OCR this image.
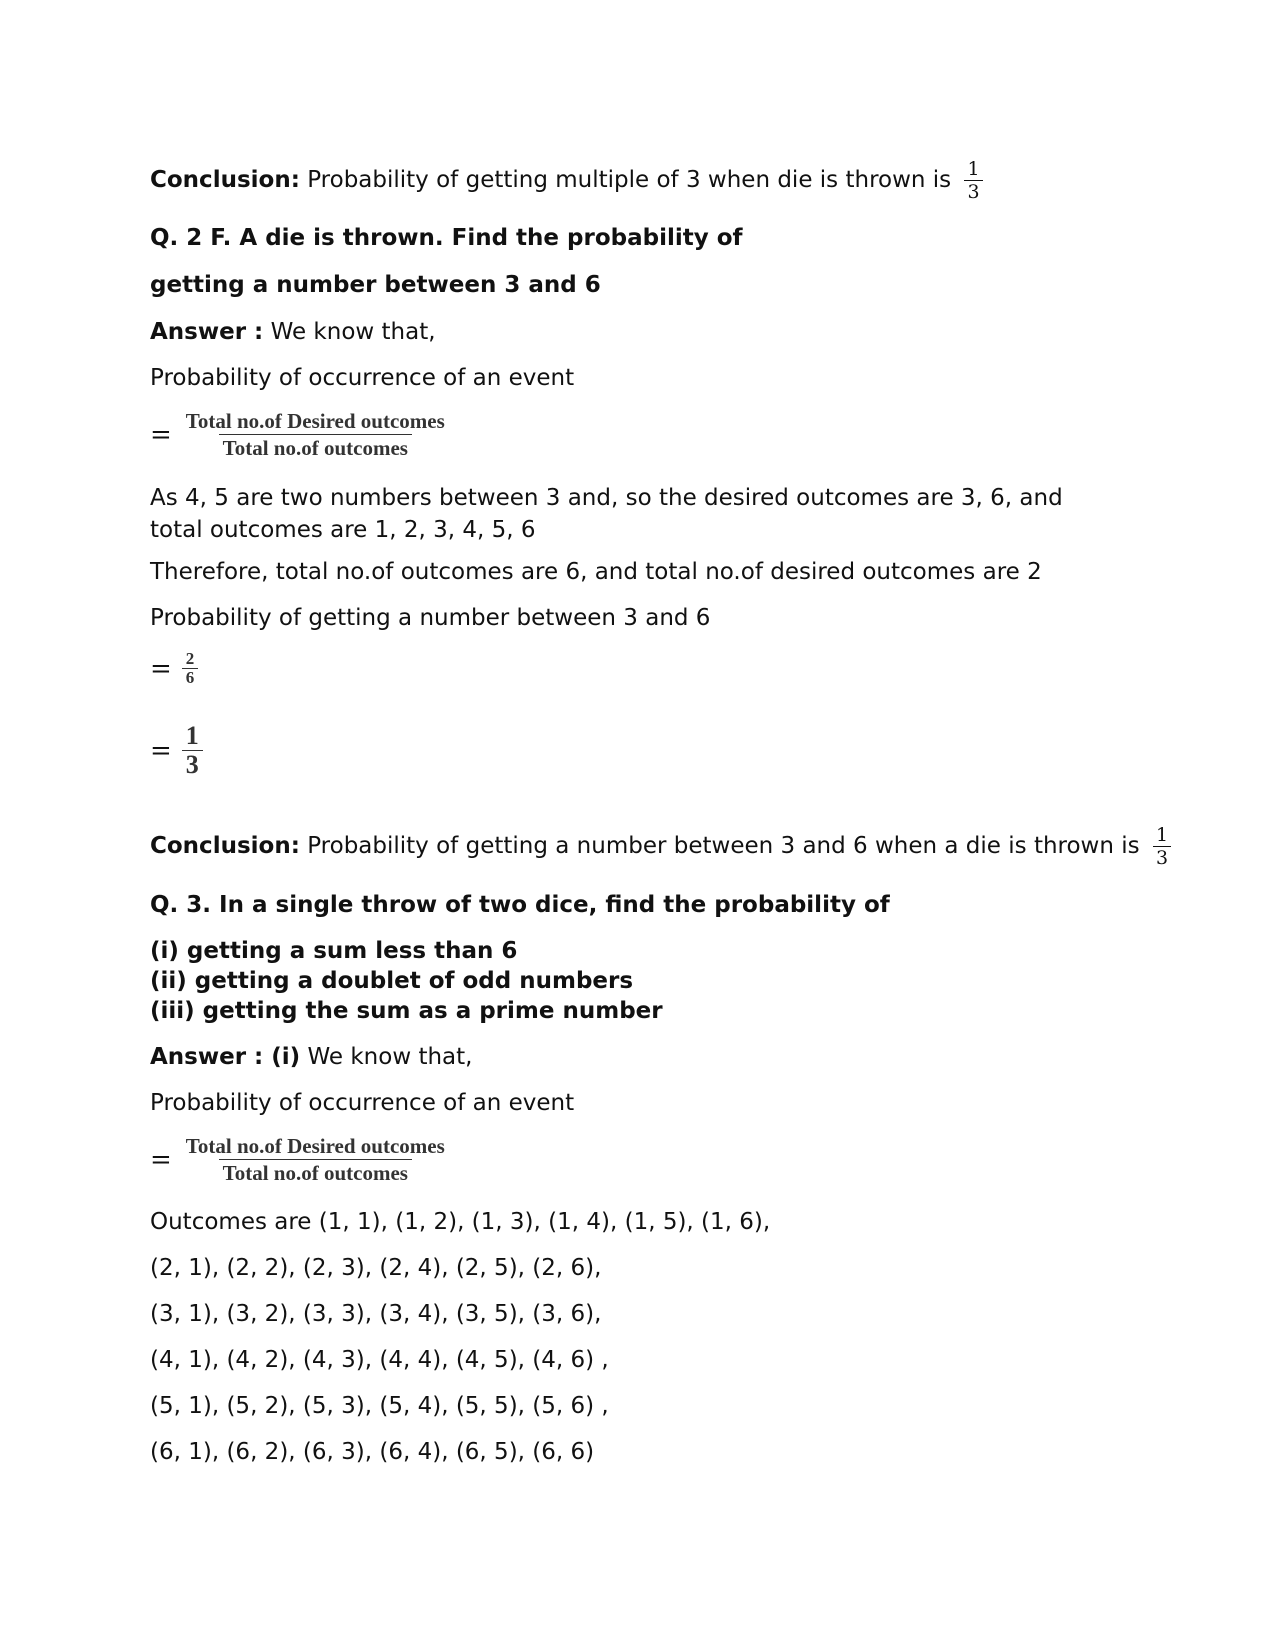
Conclusion: Probability of getting multiple of 3 when die is thrown is $\frac{1}{3}$
Q. 2 F. A die is thrown. Find the probability of
getting a number between 3 and 6
Answer : We know that,
Probability of occurrence of an event
= $\frac{\text{Total no.of Desired outcomes}}{\text{Total no.of outcomes}}$
As 4, 5 are two numbers between 3 and, so the desired outcomes are 3, 6, and total outcomes are 1, 2, 3, 4, 5, 6
Therefore, total no.of outcomes are 6, and total no.of desired outcomes are 2
Probability of getting a number between 3 and 6
= $\frac{2}{6}$
= $\frac{1}{3}$
Conclusion: Probability of getting a number between 3 and 6 when a die is thrown is $\frac{1}{3}$
Q. 3. In a single throw of two dice, find the probability of
(i) getting a sum less than 6
(ii) getting a doublet of odd numbers
(iii) getting the sum as a prime number
Answer : (i) We know that,
Probability of occurrence of an event
= $\frac{\text{Total no.of Desired outcomes}}{\text{Total no.of outcomes}}$
Outcomes are (1, 1), (1, 2), (1, 3), (1, 4), (1, 5), (1, 6),
(2, 1), (2, 2), (2, 3), (2, 4), (2, 5), (2, 6),
(3, 1), (3, 2), (3, 3), (3, 4), (3, 5), (3, 6),
(4, 1), (4, 2), (4, 3), (4, 4), (4, 5), (4, 6) ,
(5, 1), (5, 2), (5, 3), (5, 4), (5, 5), (5, 6) ,
(6, 1), (6, 2), (6, 3), (6, 4), (6, 5), (6, 6)
